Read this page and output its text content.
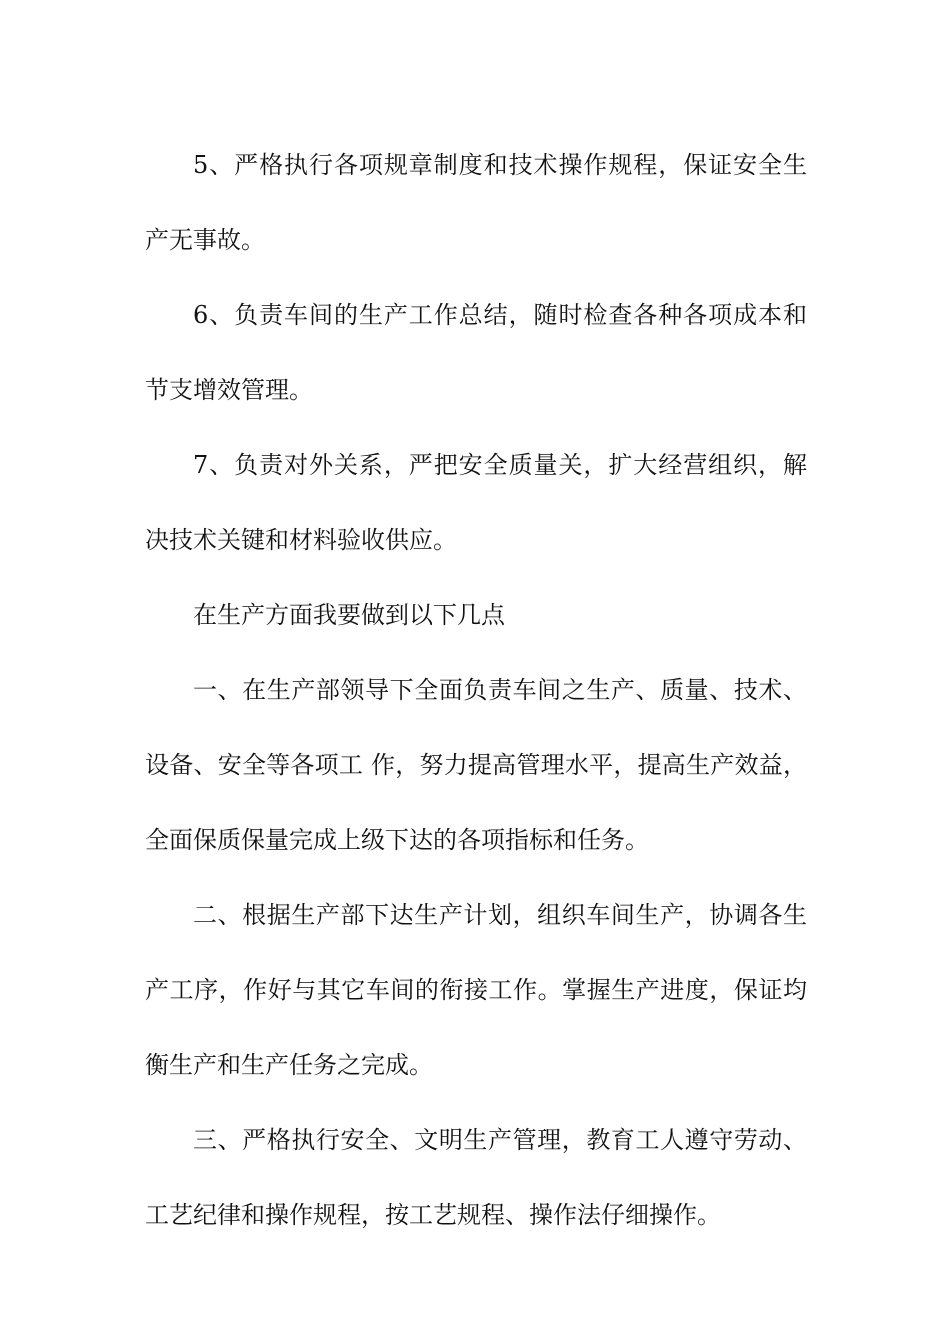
5、严格执行各项规章制度和技术操作规程，保证安全生产无事故。

6、负责车间的生产工作总结，随时检查各种各项成本和节支增效管理。

7、负责对外关系，严把安全质量关，扩大经营组织，解决技术关键和材料验收供应。

在生产方面我要做到以下几点

一、在生产部领导下全面负责车间之生产、质量、技术、设备、安全等各项工 作，努力提高管理水平，提高生产效益，全面保质保量完成上级下达的各项指标和任务。

二、根据生产部下达生产计划，组织车间生产，协调各生产工序，作好与其它车间的衔接工作。掌握生产进度，保证均衡生产和生产任务之完成。

三、严格执行安全、文明生产管理，教育工人遵守劳动、工艺纪律和操作规程，按工艺规程、操作法仔细操作。
